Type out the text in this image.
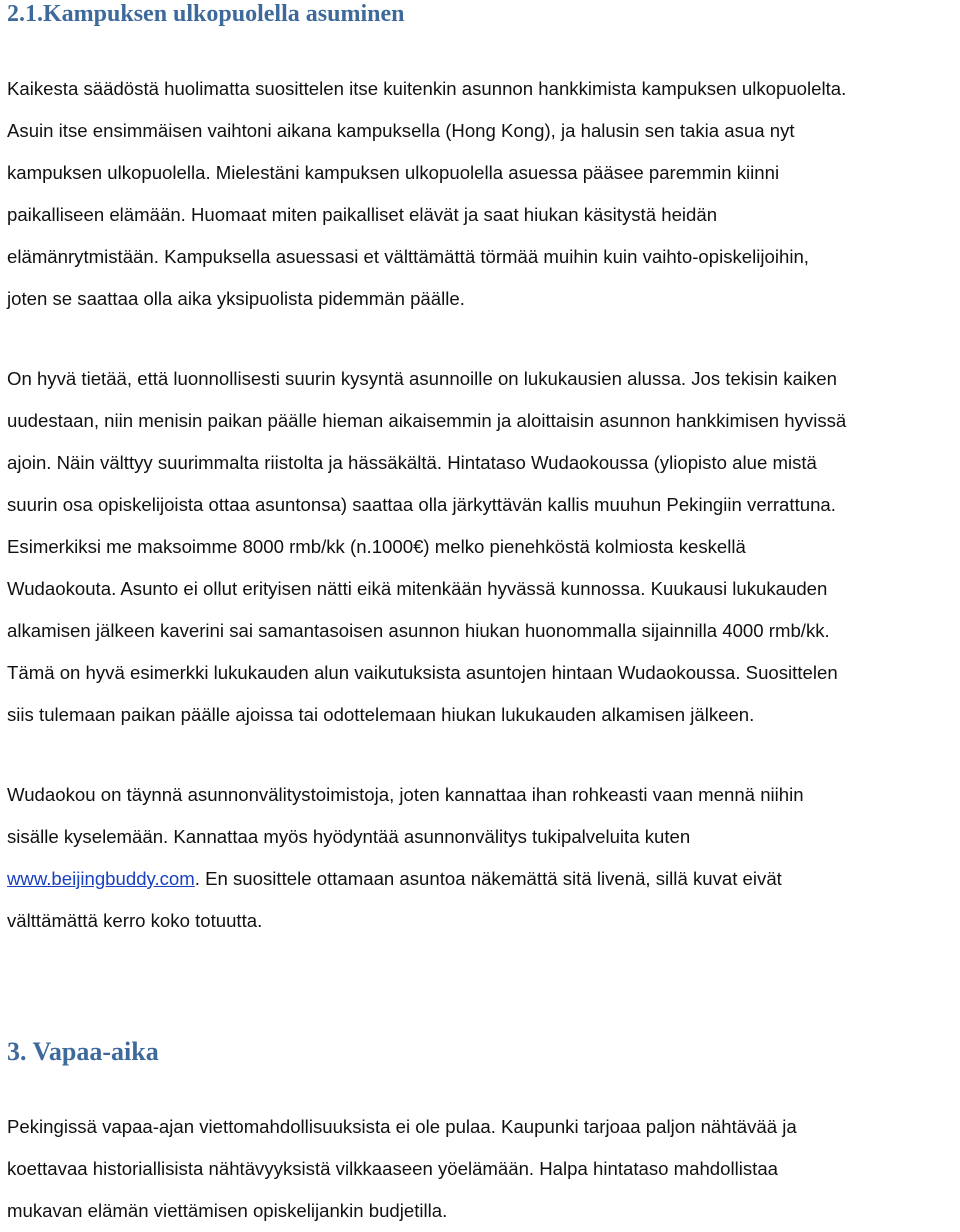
2.1.Kampuksen ulkopuolella asuminen

Kaikesta säädöstä huolimatta suosittelen itse kuitenkin asunnon hankkimista kampuksen ulkopuolelta.
Asuin itse ensimmäisen vaihtoni aikana kampuksella (Hong Kong), ja halusin sen takia asua nyt
kampuksen ulkopuolella. Mielestäni kampuksen ulkopuolella asuessa pääsee paremmin kiinni
paikalliseen elämään. Huomaat miten paikalliset elävät ja saat hiukan käsitystä heidän
elämänrytmistään. Kampuksella asuessasi et välttämättä törmää muihin kuin vaihto-opiskelijoihin,
joten se saattaa olla aika yksipuolista pidemmän päälle.

On hyvä tietää, että luonnollisesti suurin kysyntä asunnoille on lukukausien alussa. Jos tekisin kaiken
uudestaan, niin menisin paikan päälle hieman aikaisemmin ja aloittaisin asunnon hankkimisen hyvissä
ajoin. Näin välttyy suurimmalta riistolta ja hässäkältä. Hintataso Wudaokoussa (yliopisto alue mistä
suurin osa opiskelijoista ottaa asuntonsa) saattaa olla järkyttävän kallis muuhun Pekingiin verrattuna.
Esimerkiksi me maksoimme 8000 rmb/kk (n.1000€) melko pienehköstä kolmiosta keskellä
Wudaokouta. Asunto ei ollut erityisen nätti eikä mitenkään hyvässä kunnossa. Kuukausi lukukauden
alkamisen jälkeen kaverini sai samantasoisen asunnon hiukan huonommalla sijainnilla 4000 rmb/kk.
Tämä on hyvä esimerkki lukukauden alun vaikutuksista asuntojen hintaan Wudaokoussa. Suosittelen
siis tulemaan paikan päälle ajoissa tai odottelemaan hiukan lukukauden alkamisen jälkeen.

Wudaokou on täynnä asunnonvälitystoimistoja, joten kannattaa ihan rohkeasti vaan mennä niihin
sisälle kyselemään. Kannattaa myös hyödyntää asunnonvälitys tukipalveluita kuten
www.beijingbuddy.com. En suosittele ottamaan asuntoa näkemättä sitä livenä, sillä kuvat eivät
välttämättä kerro koko totuutta.

3. Vapaa-aika

Pekingissä vapaa-ajan viettomahdollisuuksista ei ole pulaa. Kaupunki tarjoaa paljon nähtävää ja
koettavaa historiallisista nähtävyyksistä vilkkaaseen yöelämään. Halpa hintataso mahdollistaa
mukavan elämän viettämisen opiskelijankin budjetilla.
